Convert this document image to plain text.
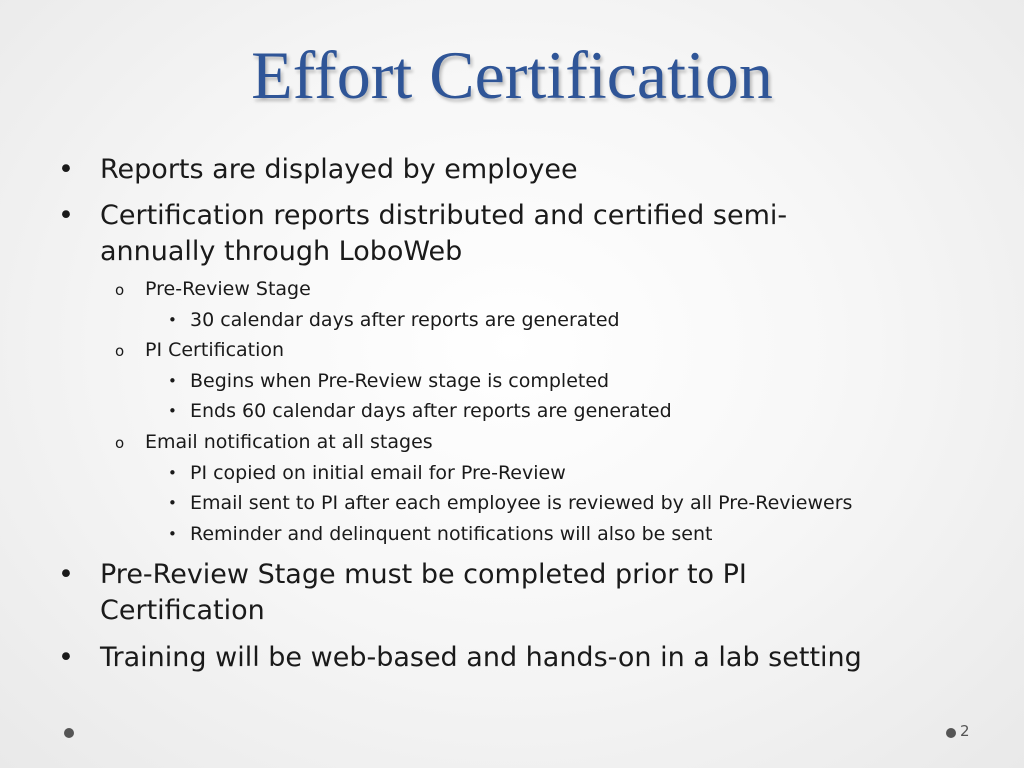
Effort Certification
• Reports are displayed by employee
• Certification reports distributed and certified semi-annually through LoboWeb
o Pre-Review Stage
• 30 calendar days after reports are generated
o PI Certification
• Begins when Pre-Review stage is completed
• Ends 60 calendar days after reports are generated
o Email notification at all stages
• PI copied on initial email for Pre-Review
• Email sent to PI after each employee is reviewed by all Pre-Reviewers
• Reminder and delinquent notifications will also be sent
• Pre-Review Stage must be completed prior to PI Certification
• Training will be web-based and hands-on in a lab setting
2
